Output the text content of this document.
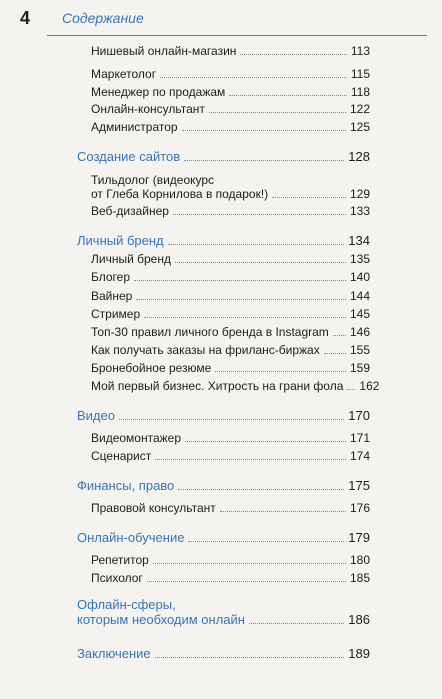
4 Содержание
Нишевый онлайн-магазин	113
Маркетолог	115
Менеджер по продажам	118
Онлайн-консультант	122
Администратор	125
Создание сайтов	128
Тильдолог (видеокурс
от Глеба Корнилова в подарок!)	129
Веб-дизайнер	133
Личный бренд	134
Личный бренд	135
Блогер	140
Вайнер	144
Стример	145
Топ-30 правил личного бренда в Instagram 146
Как получать заказы на фриланс-биржах	155
Бронебойное резюме	159
Мой первый бизнес. Хитрость на грани фола 162
Видео	170
Видеомонтажер	171
Сценарист	174
Финансы, право	175
Правовой консультант	176
Онлайн-обучение	179
Репетитор	180
Психолог	185
Офлайн-сферы,
которым необходим онлайн	186
Заключение	189
